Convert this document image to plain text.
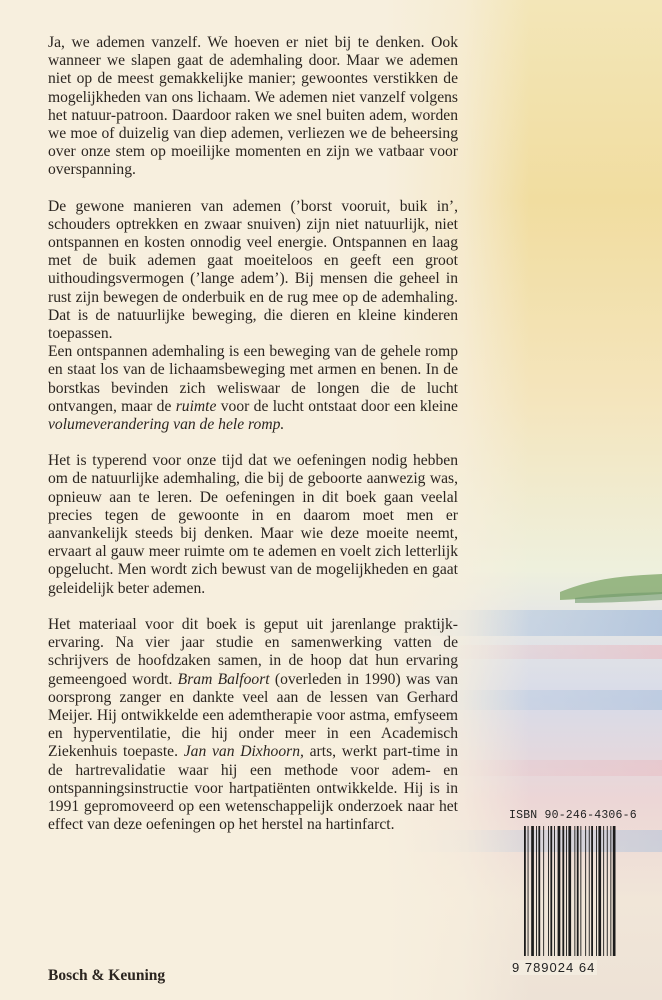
Ja, we ademen vanzelf. We hoeven er niet bij te denken. Ook wanneer we slapen gaat de ademhaling door. Maar we ademen niet op de meest gemakkelijke manier; gewoontes verstikken de mogelijkheden van ons lichaam. We ademen niet vanzelf volgens het natuur-patroon. Daardoor raken we snel buiten adem, worden we moe of duizelig van diep ademen, verliezen we de beheersing over onze stem op moeilijke momenten en zijn we vatbaar voor overspanning.

De gewone manieren van ademen (’borst vooruit, buik in’, schouders optrekken en zwaar snuiven) zijn niet natuurlijk, niet ontspannen en kosten onnodig veel energie. Ontspannen en laag met de buik ademen gaat moeiteloos en geeft een groot uithoudingsvermogen (’lange adem’). Bij mensen die geheel in rust zijn bewegen de onderbuik en de rug mee op de ademhaling. Dat is de natuurlijke beweging, die dieren en kleine kinderen toepassen.

Een ontspannen ademhaling is een beweging van de gehele romp en staat los van de lichaamsbeweging met armen en benen. In de borstkas bevinden zich weliswaar de longen die de lucht ontvangen, maar de ruimte voor de lucht ontstaat door een kleine volumeverandering van de hele romp.

Het is typerend voor onze tijd dat we oefeningen nodig hebben om de natuurlijke ademhaling, die bij de geboorte aanwezig was, opnieuw aan te leren. De oefeningen in dit boek gaan veelal precies tegen de gewoonte in en daarom moet men er aanvankelijk steeds bij denken. Maar wie deze moeite neemt, ervaart al gauw meer ruimte om te ademen en voelt zich letterlijk opgelucht. Men wordt zich bewust van de mogelijkheden en gaat geleidelijk beter ademen.

Het materiaal voor dit boek is geput uit jarenlange praktijk-ervaring. Na vier jaar studie en samenwerking vatten de schrijvers de hoofdzaken samen, in de hoop dat hun ervaring gemeengoed wordt. Bram Balfoort (overleden in 1990) was van oorsprong zanger en dankte veel aan de lessen van Gerhard Meijer. Hij ontwikkelde een ademtherapie voor astma, emfyseem en hyperventilatie, die hij onder meer in een Academisch Ziekenhuis toepaste. Jan van Dixhoorn, arts, werkt part-time in de hartrevalidatie waar hij een methode voor adem- en ontspanningsinstructie voor hartpatiënten ontwikkelde. Hij is in 1991 gepromoveerd op een wetenschappelijk onderzoek naar het effect van deze oefeningen op het herstel na hartinfarct.

Bosch & Keuning
ISBN 90-246-4306-6
9 789024 64
